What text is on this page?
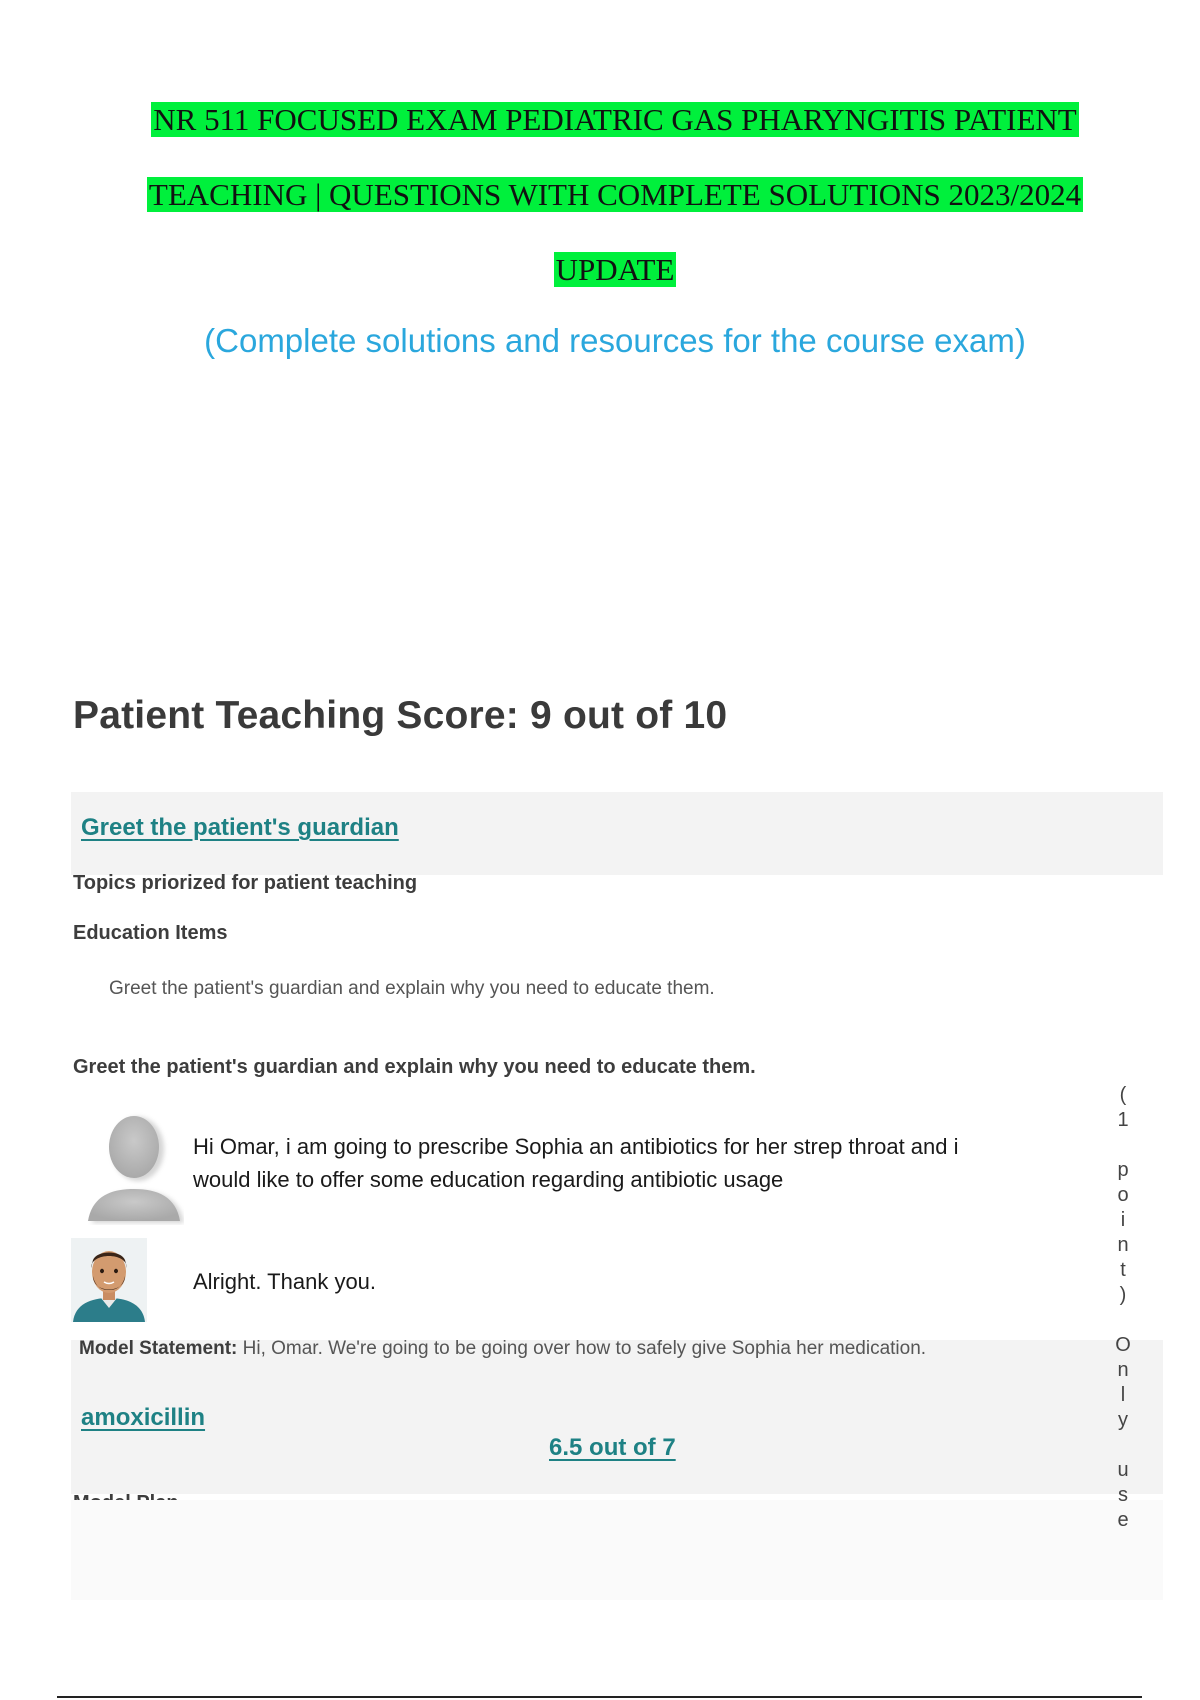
NR 511 FOCUSED EXAM PEDIATRIC GAS PHARYNGITIS PATIENT
TEACHING | QUESTIONS WITH COMPLETE SOLUTIONS 2023/2024
UPDATE
(Complete solutions and resources for the course exam)
Patient Teaching Score: 9 out of 10
Greet the patient's guardian
Topics priorized for patient teaching
Education Items
Greet the patient's guardian and explain why you need to educate them.
Greet the patient's guardian and explain why you need to educate them.
Hi Omar, i am going to prescribe Sophia an antibiotics for her strep throat and i would like to offer some education regarding antibiotic usage
Alright. Thank you.
Model Statement: Hi, Omar. We're going to be going over how to safely give Sophia her medication.
amoxicillin
6.5 out of 7
(
1
p
o
i
n
t
)
O
n
l
y
u
s
e
